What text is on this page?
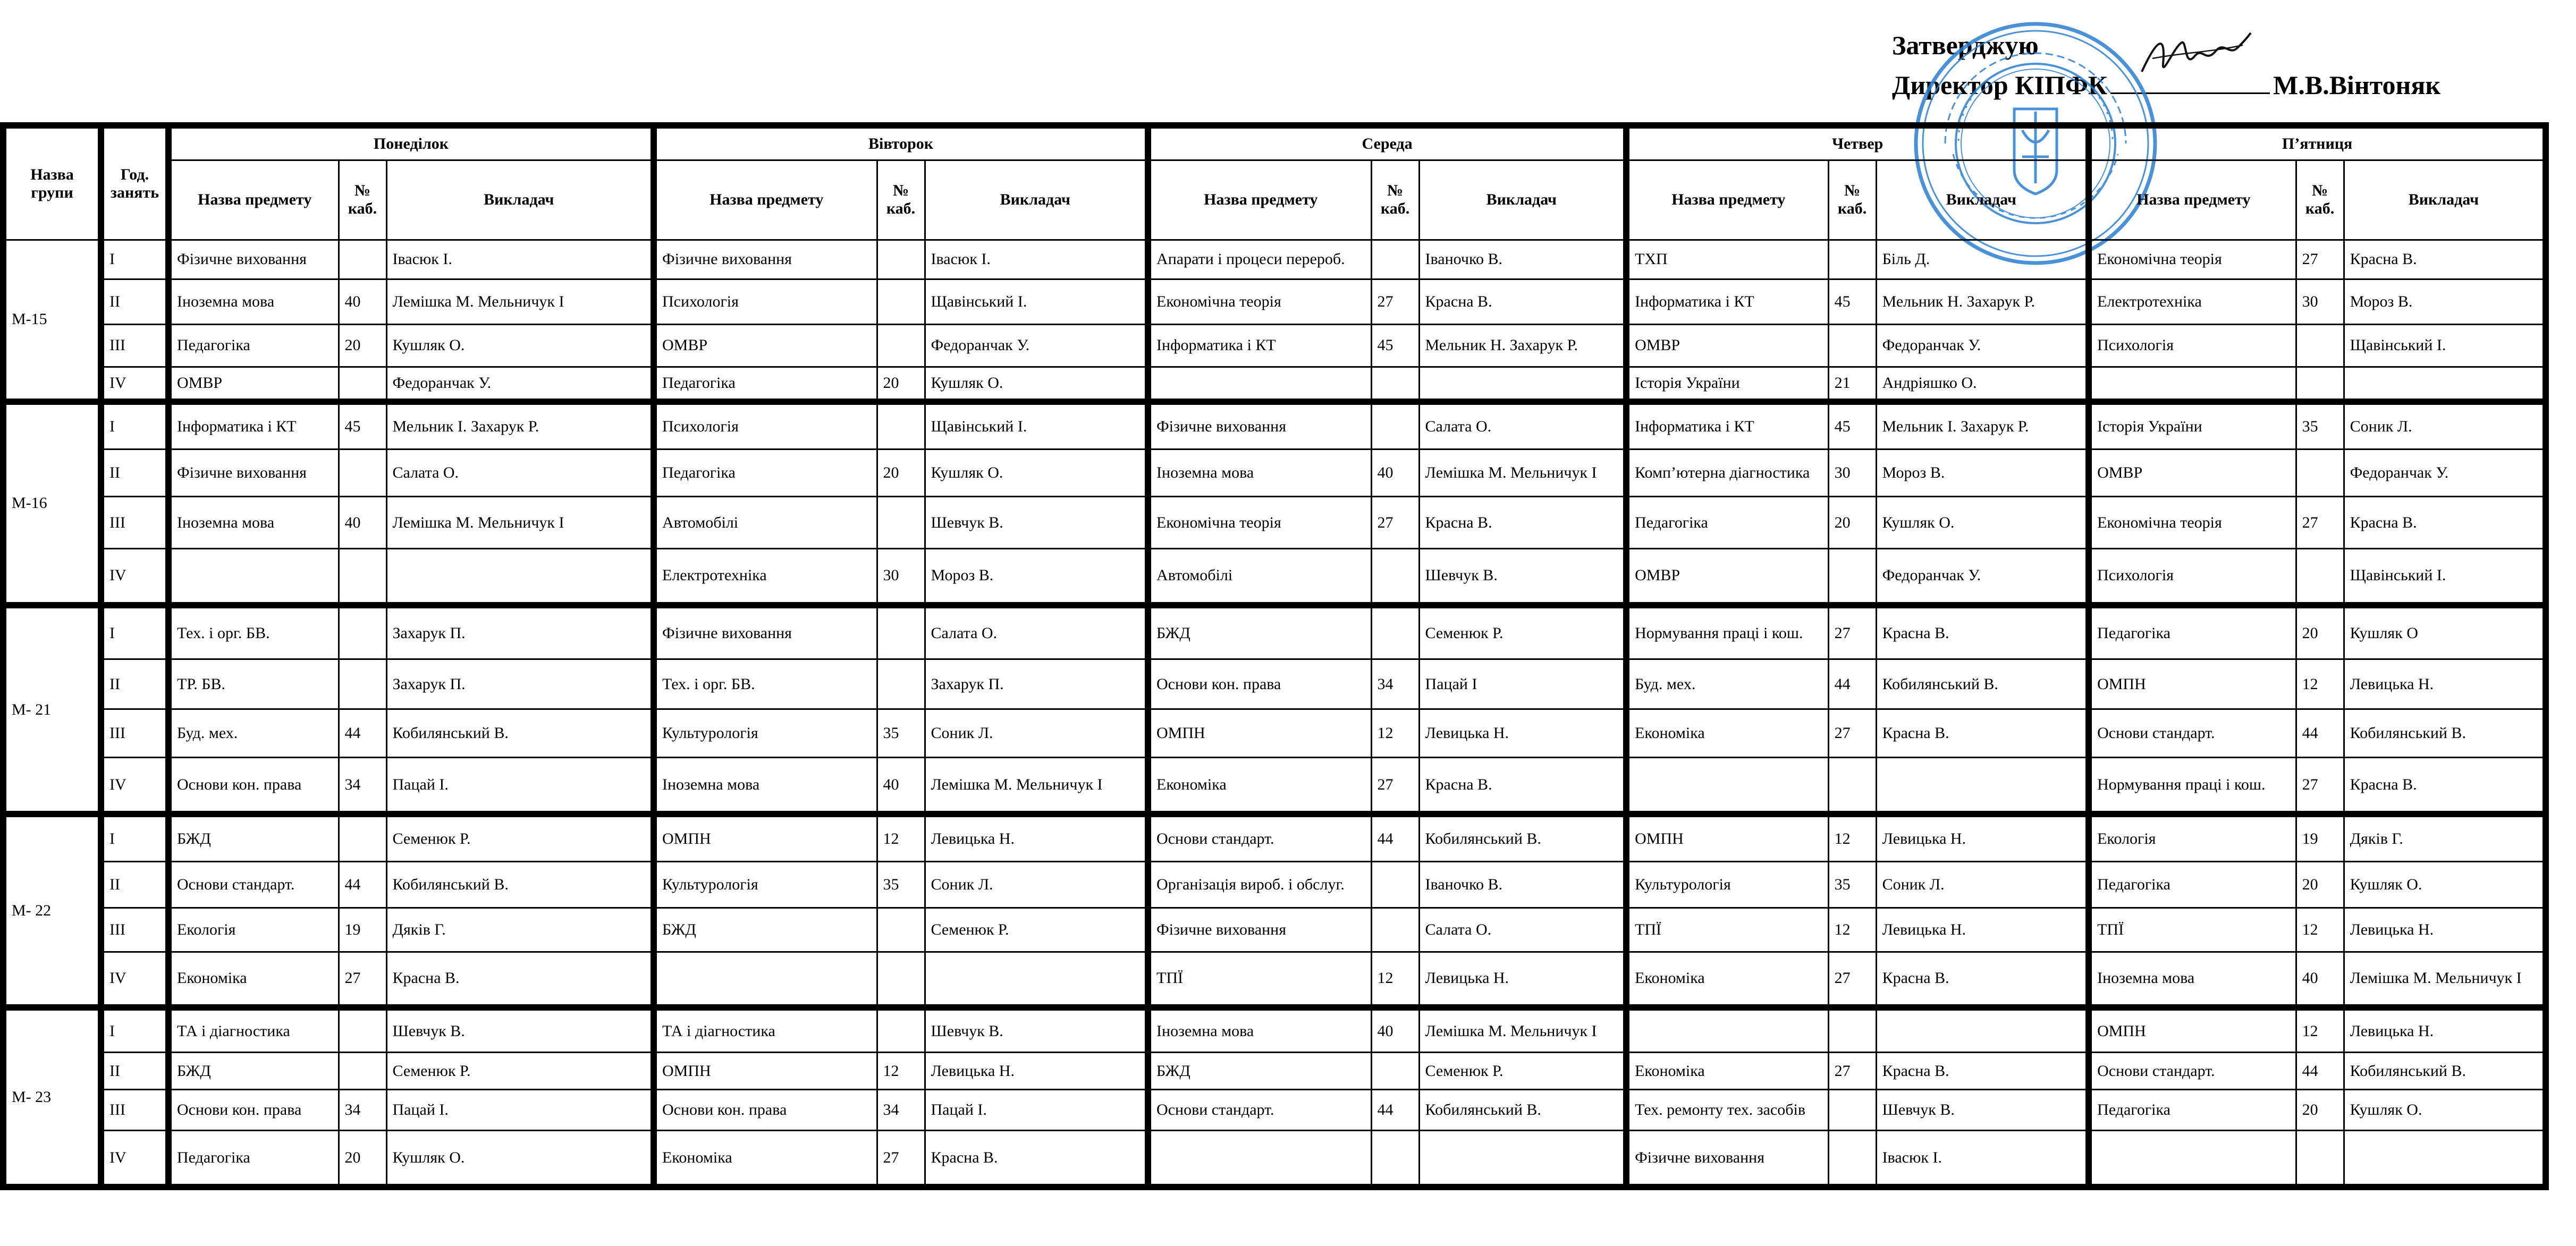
Затверджую
Директор КІПФК	М.В.Вінтоняк
Назва групи	Год. занять	Понеділок			Вівторок			Середа			Четвер			П’ятниця		
		Назва предмету	№ каб.	Викладач	Назва предмету	№ каб.	Викладач	Назва предмету	№ каб.	Викладач	Назва предмету	№ каб.	Викладач	Назва предмету	№ каб.	Викладач
М-15	I	Фізичне виховання		Івасюк І.	Фізичне виховання		Івасюк І.	Апарати і процеси перероб.		Іваночко В.	ТХП		Біль Д.	Економічна теорія	27	Красна В.
	II	Іноземна мова	40	Лемішка М. Мельничук І	Психологія		Щавінський І.	Економічна теорія	27	Красна В.	Інформатика і КТ	45	Мельник Н. Захарук Р.	Електротехніка	30	Мороз В.
	III	Педагогіка	20	Кушляк О.	ОМВР		Федоранчак У.	Інформатика і КТ	45	Мельник Н. Захарук Р.	ОМВР		Федоранчак У.	Психологія		Щавінський І.
	IV	ОМВР		Федоранчак У.	Педагогіка	20	Кушляк О.				Історія України	21	Андріяшко О.			
М-16	I	Інформатика і КТ	45	Мельник І. Захарук Р.	Психологія		Щавінський І.	Фізичне виховання		Салата О.	Інформатика і КТ	45	Мельник І. Захарук Р.	Історія України	35	Соник Л.
	II	Фізичне виховання		Салата О.	Педагогіка	20	Кушляк О.	Іноземна мова	40	Лемішка М. Мельничук І	Комп’ютерна діагностика	30	Мороз В.	ОМВР		Федоранчак У.
	III	Іноземна мова	40	Лемішка М. Мельничук І	Автомобілі		Шевчук В.	Економічна теорія	27	Красна В.	Педагогіка	20	Кушляк О.	Економічна теорія	27	Красна В.
	IV				Електротехніка	30	Мороз В.	Автомобілі		Шевчук В.	ОМВР		Федоранчак У.	Психологія		Щавінський І.
М- 21	I	Тех. і орг. БВ.		Захарук П.	Фізичне виховання		Салата О.	БЖД		Семенюк Р.	Нормування праці і кош.	27	Красна В.	Педагогіка	20	Кушляк О
	II	ТР. БВ.		Захарук П.	Тех. і орг. БВ.		Захарук П.	Основи кон. права	34	Пацай І	Буд. мех.	44	Кобилянський В.	ОМПН	12	Левицька Н.
	III	Буд. мех.	44	Кобилянський В.	Культурологія	35	Соник Л.	ОМПН	12	Левицька Н.	Економіка	27	Красна В.	Основи стандарт.	44	Кобилянський В.
	IV	Основи кон. права	34	Пацай І.	Іноземна мова	40	Лемішка М. Мельничук І	Економіка	27	Красна В.				Нормування праці і кош.	27	Красна В.
М- 22	I	БЖД		Семенюк Р.	ОМПН	12	Левицька Н.	Основи стандарт.	44	Кобилянський В.	ОМПН	12	Левицька Н.	Екологія	19	Дяків Г.
	II	Основи стандарт.	44	Кобилянський В.	Культурологія	35	Соник Л.	Організація вироб. і обслуг.		Іваночко В.	Культурологія	35	Соник Л.	Педагогіка	20	Кушляк О.
	III	Екологія	19	Дяків Г.	БЖД		Семенюк Р.	Фізичне виховання		Салата О.	ТПЇ	12	Левицька Н.	ТПЇ	12	Левицька Н.
	IV	Економіка	27	Красна В.				ТПЇ	12	Левицька Н.	Економіка	27	Красна В.	Іноземна мова	40	Лемішка М. Мельничук І
М- 23	I	ТА і діагностика		Шевчук В.	ТА і діагностика		Шевчук В.	Іноземна мова	40	Лемішка М. Мельничук І				ОМПН	12	Левицька Н.
	II	БЖД		Семенюк Р.	ОМПН	12	Левицька Н.	БЖД		Семенюк Р.	Економіка	27	Красна В.	Основи стандарт.	44	Кобилянський В.
	III	Основи кон. права	34	Пацай І.	Основи кон. права	34	Пацай І.	Основи стандарт.	44	Кобилянський В.	Тех. ремонту тех. засобів		Шевчук В.	Педагогіка	20	Кушляк О.
	IV	Педагогіка	20	Кушляк О.	Економіка	27	Красна В.				Фізичне виховання		Івасюк І.			
